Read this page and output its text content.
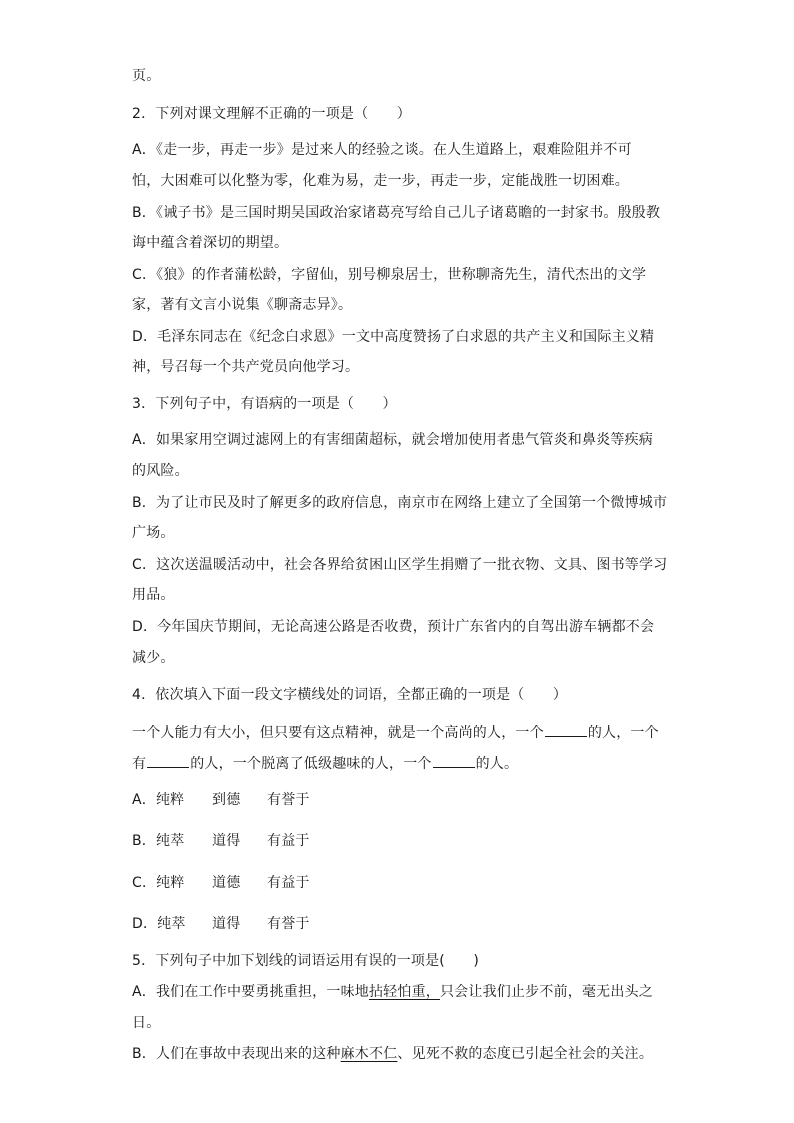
页。
2．下列对课文理解不正确的一项是（　　）
A．《走一步，再走一步》是过来人的经验之谈。在人生道路上，艰难险阻并不可
怕，大困难可以化整为零，化难为易，走一步，再走一步，定能战胜一切困难。
B．《诫子书》是三国时期吴国政治家诸葛亮写给自己儿子诸葛瞻的一封家书。殷殷教
诲中蕴含着深切的期望。
C．《狼》的作者蒲松龄，字留仙，别号柳泉居士，世称聊斋先生，清代杰出的文学
家，著有文言小说集《聊斋志异》。
D．毛泽东同志在《纪念白求恩》一文中高度赞扬了白求恩的共产主义和国际主义精
神，号召每一个共产党员向他学习。
3．下列句子中，有语病的一项是（　　）
A．如果家用空调过滤网上的有害细菌超标，就会增加使用者患气管炎和鼻炎等疾病
的风险。
B．为了让市民及时了解更多的政府信息，南京市在网络上建立了全国第一个微博城市
广场。
C．这次送温暖活动中，社会各界给贫困山区学生捐赠了一批衣物、文具、图书等学习
用品。
D．今年国庆节期间，无论高速公路是否收费，预计广东省内的自驾出游车辆都不会
减少。
4．依次填入下面一段文字横线处的词语，全都正确的一项是（　　）
一个人能力有大小，但只要有这点精神，就是一个高尚的人，一个	的人，一个
有	的人，一个脱离了低级趣味的人，一个	的人。
A．纯粹 到德 有誉于
B．纯萃 道得 有益于
C．纯粹 道德 有益于
D．纯萃 道得 有誉于
5．下列句子中加下划线的词语运用有误的一项是(　　)
A．我们在工作中要勇挑重担，一味地拈轻怕重，只会让我们止步不前，毫无出头之
日。
B．人们在事故中表现出来的这种麻木不仁、见死不救的态度已引起全社会的关注。
